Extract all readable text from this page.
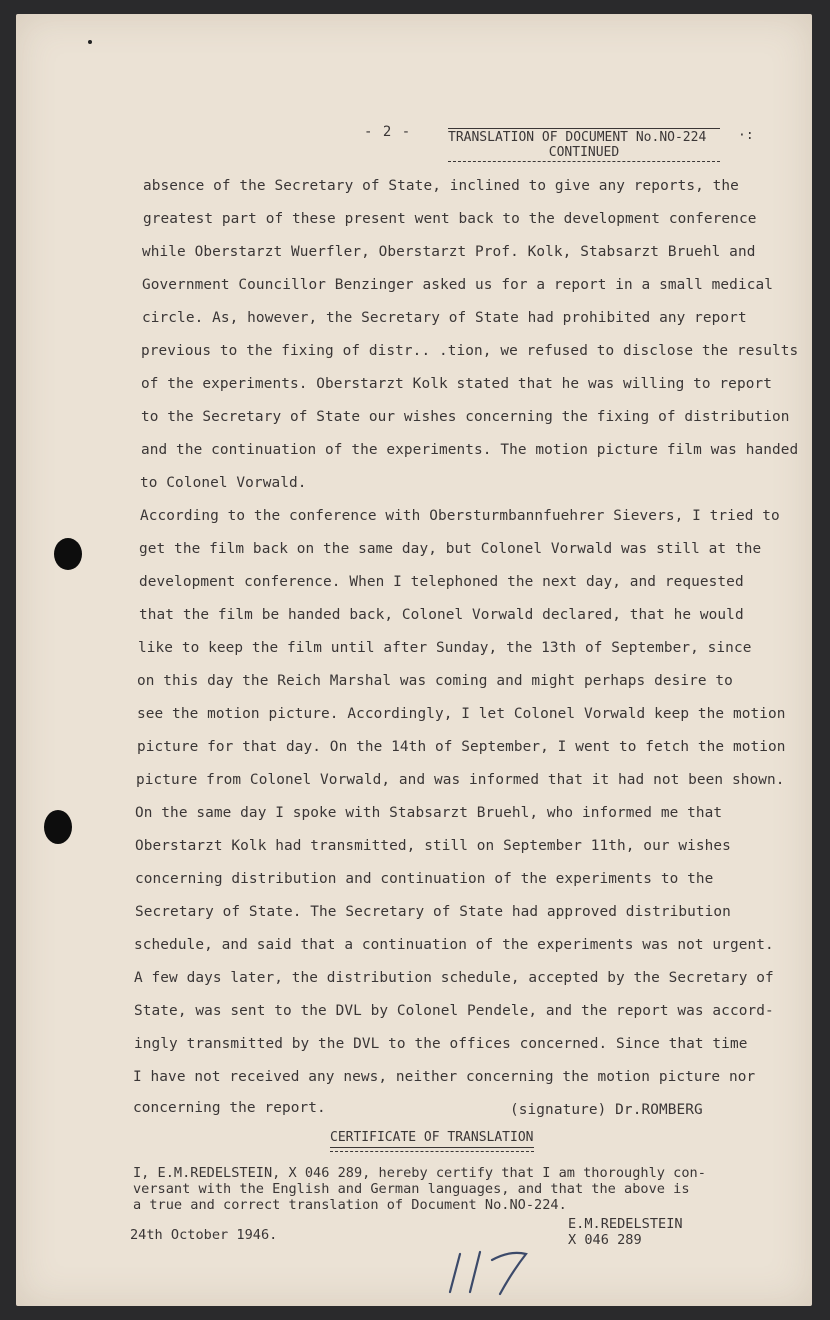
- 2 -	TRANSLATION OF DOCUMENT No.NO-224
CONTINUED
·:
absence of the Secretary of State, inclined to give any reports, the
greatest part of these present went back to the development conference
while Oberstarzt Wuerfler, Oberstarzt Prof. Kolk, Stabsarzt Bruehl and
Government Councillor Benzinger asked us for a report in a small medical
circle. As, however, the Secretary of State had prohibited any report
previous to the fixing of distr.. .tion, we refused to disclose the results
of the experiments. Oberstarzt Kolk stated that he was willing to report
to the Secretary of State our wishes concerning the fixing of distribution
and the continuation of the experiments. The motion picture film was handed
to Colonel Vorwald.
According to the conference with Obersturmbannfuehrer Sievers, I tried to
get the film back on the same day, but Colonel Vorwald was still at the
development conference. When I telephoned the next day, and requested
that the film be handed back, Colonel Vorwald declared, that he would
like to keep the film until after Sunday, the 13th of September, since
on this day the Reich Marshal was coming and might perhaps desire to
see the motion picture. Accordingly, I let Colonel Vorwald keep the motion
picture for that day. On the 14th of September, I went to fetch the motion
picture from Colonel Vorwald, and was informed that it had not been shown.
On the same day I spoke with Stabsarzt Bruehl, who informed me that
Oberstarzt Kolk had transmitted, still on September 11th, our wishes
concerning distribution and continuation of the experiments to the
Secretary of State. The Secretary of State had approved distribution
schedule, and said that a continuation of the experiments was not urgent.
A few days later, the distribution schedule, accepted by the Secretary of
State, was sent to the DVL by Colonel Pendele, and the report was accord-
ingly transmitted by the DVL to the offices concerned. Since that time
I have not received any news, neither concerning the motion picture nor
concerning the report.	(signature) Dr.ROMBERG
CERTIFICATE OF TRANSLATION
I, E.M.REDELSTEIN, X 046 289, hereby certify that I am thoroughly con-
versant with the English and German languages, and that the above is
a true and correct translation of Document No.NO-224.
24th October 1946.
E.M.REDELSTEIN
X 046 289
